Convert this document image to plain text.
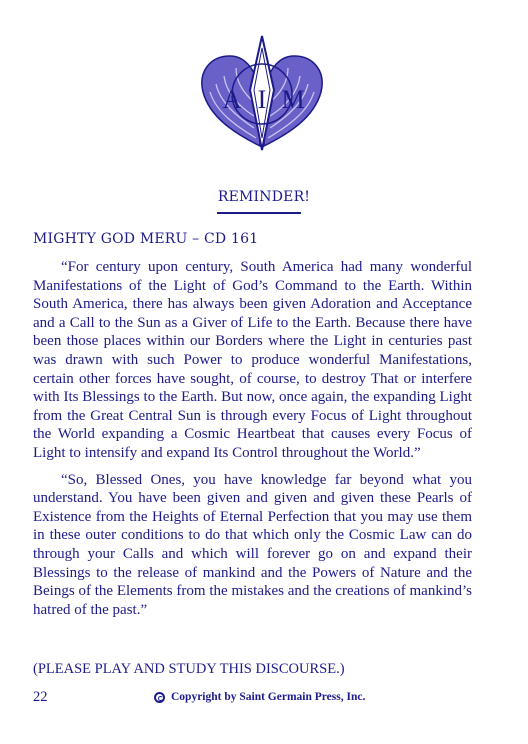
A I M
REMINDER!
MIGHTY GOD MERU – CD 161

“For century upon century, South America had many wonderful Manifestations of the Light of God’s Command to the Earth. Within South America, there has always been given Adoration and Acceptance and a Call to the Sun as a Giver of Life to the Earth. Because there have been those places within our Borders where the Light in centuries past was drawn with such Power to produce wonderful Manifestations, certain other forces have sought, of course, to destroy That or interfere with Its Blessings to the Earth. But now, once again, the expanding Light from the Great Central Sun is through every Focus of Light throughout the World expanding a Cosmic Heartbeat that causes every Focus of Light to intensify and expand Its Control throughout the World.”

“So, Blessed Ones, you have knowledge far beyond what you understand. You have been given and given and given these Pearls of Existence from the Heights of Eternal Perfection that you may use them in these outer conditions to do that which only the Cosmic Law can do through your Calls and which will forever go on and expand their Blessings to the release of mankind and the Powers of Nature and the Beings of the Elements from the mistakes and the creations of mankind’s hatred of the past.”

(PLEASE PLAY AND STUDY THIS DISCOURSE.)
22	Copyright by Saint Germain Press, Inc.
